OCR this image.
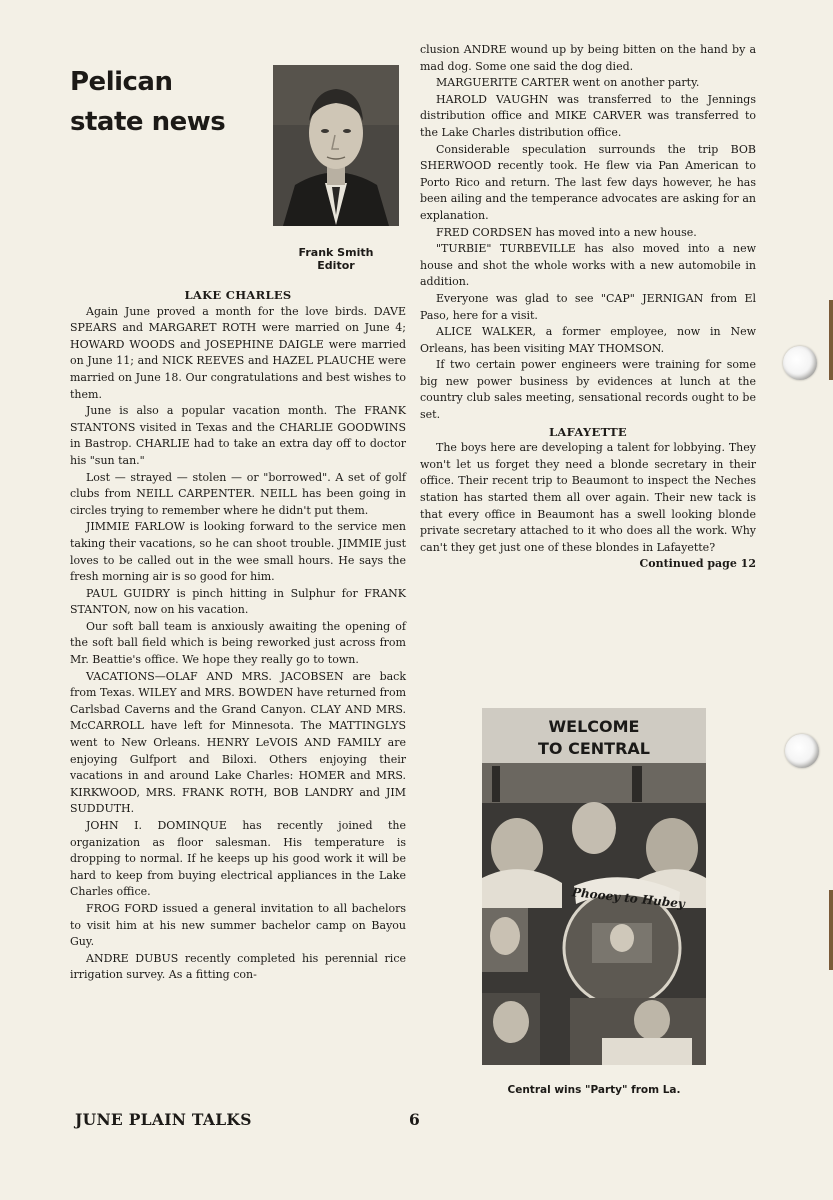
Pelican
state news
Frank Smith
Editor
LAKE CHARLES

Again June proved a month for the love birds. DAVE SPEARS and MARGARET ROTH were married on June 4; HOWARD WOODS and JOSEPHINE DAIGLE were married on June 11; and NICK REEVES and HAZEL PLAUCHE were married on June 18. Our congratulations and best wishes to them.

June is also a popular vacation month. The FRANK STANTONS visited in Texas and the CHARLIE GOODWINS in Bastrop. CHARLIE had to take an extra day off to doctor his "sun tan."

Lost — strayed — stolen — or "borrowed". A set of golf clubs from NEILL CARPENTER. NEILL has been going in circles trying to remember where he didn't put them.

JIMMIE FARLOW is looking forward to the service men taking their vacations, so he can shoot trouble. JIMMIE just loves to be called out in the wee small hours. He says the fresh morning air is so good for him.

PAUL GUIDRY is pinch hitting in Sulphur for FRANK STANTON, now on his vacation.

Our soft ball team is anxiously awaiting the opening of the soft ball field which is being reworked just across from Mr. Beattie's office. We hope they really go to town.

VACATIONS—OLAF AND MRS. JACOBSEN are back from Texas. WILEY and MRS. BOWDEN have returned from Carlsbad Caverns and the Grand Canyon. CLAY AND MRS. McCARROLL have left for Minnesota. The MATTINGLYS went to New Orleans. HENRY LeVOIS AND FAMILY are enjoying Gulfport and Biloxi. Others enjoying their vacations in and around Lake Charles: HOMER and MRS. KIRKWOOD, MRS. FRANK ROTH, BOB LANDRY and JIM SUDDUTH.

JOHN I. DOMINQUE has recently joined the organization as floor salesman. His temperature is dropping to normal. If he keeps up his good work it will be hard to keep from buying electrical appliances in the Lake Charles office.

FROG FORD issued a general invitation to all bachelors to visit him at his new summer bachelor camp on Bayou Guy.

ANDRE DUBUS recently completed his perennial rice irrigation survey. As a fitting con-

clusion ANDRE wound up by being bitten on the hand by a mad dog. Some one said the dog died.

MARGUERITE CARTER went on another party.

HAROLD VAUGHN was transferred to the Jennings distribution office and MIKE CARVER was transferred to the Lake Charles distribution office.

Considerable speculation surrounds the trip BOB SHERWOOD recently took. He flew via Pan American to Porto Rico and return. The last few days however, he has been ailing and the temperance advocates are asking for an explanation.

FRED CORDSEN has moved into a new house.

"TURBIE" TURBEVILLE has also moved into a new house and shot the whole works with a new automobile in addition.

Everyone was glad to see "CAP" JERNIGAN from El Paso, here for a visit.

ALICE WALKER, a former employee, now in New Orleans, has been visiting MAY THOMSON.

If two certain power engineers were training for some big new power business by evidences at lunch at the country club sales meeting, sensational records ought to be set.

LAFAYETTE

The boys here are developing a talent for lobbying. They won't let us forget they need a blonde secretary in their office. Their recent trip to Beaumont to inspect the Neches station has started them all over again. Their new tack is that every office in Beaumont has a swell looking blonde private secretary attached to it who does all the work. Why can't they get just one of these blondes in Lafayette?

Continued page 12

WELCOME
TO CENTRAL
Phooey to Hubey
Central wins "Party" from La.
JUNE PLAIN TALKS	6
